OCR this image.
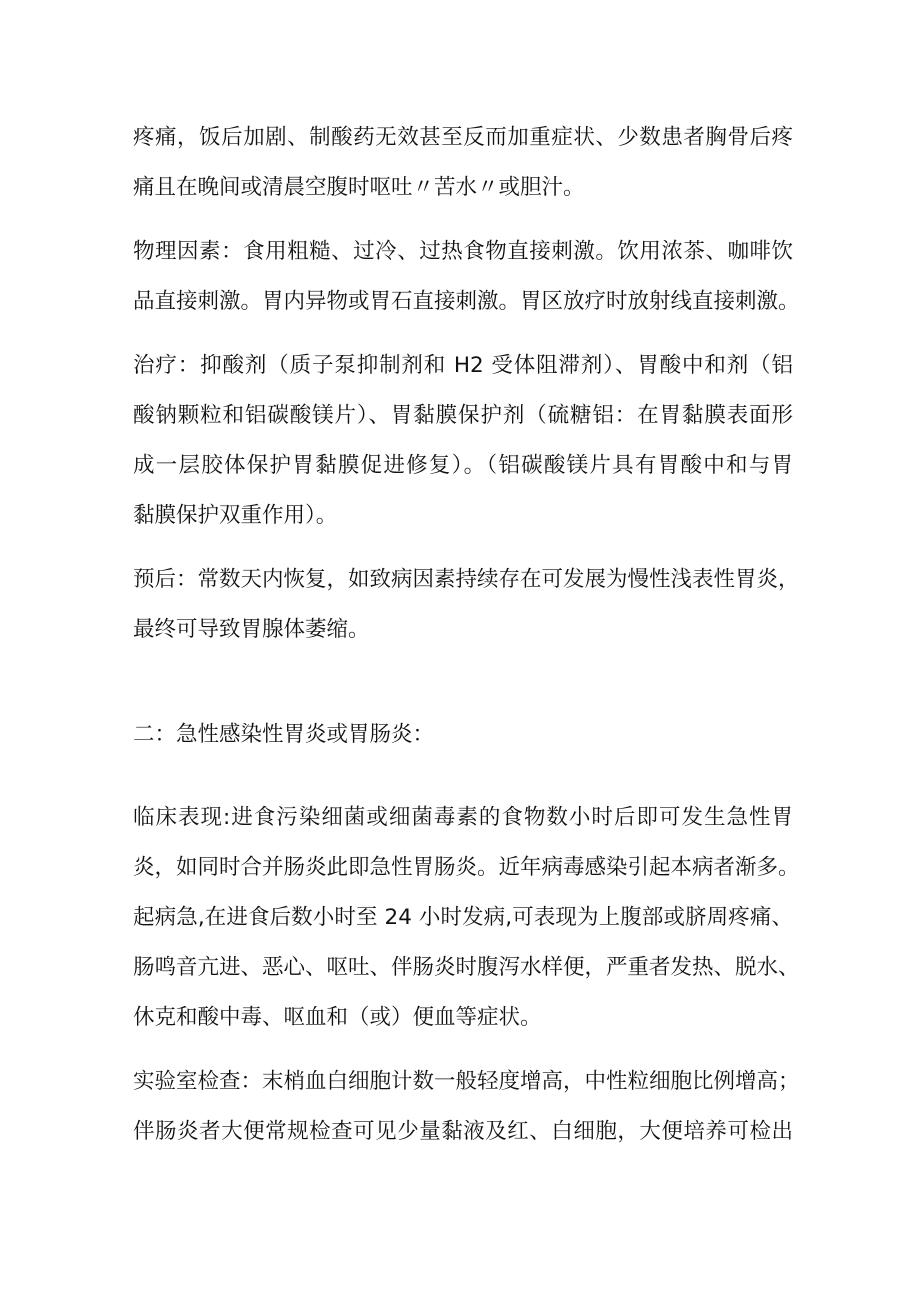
疼痛，饭后加剧、制酸药无效甚至反而加重症状、少数患者胸骨后疼
痛且在晚间或清晨空腹时呕吐〃苦水〃或胆汁。
物理因素：食用粗糙、过冷、过热食物直接刺激。饮用浓茶、咖啡饮
品直接刺激。胃内异物或胃石直接刺激。胃区放疗时放射线直接刺激。
治疗：抑酸剂（质子泵抑制剂和 H2 受体阻滞剂）、胃酸中和剂（铝
酸钠颗粒和铝碳酸镁片）、胃黏膜保护剂（硫糖铝：在胃黏膜表面形
成一层胶体保护胃黏膜促进修复）。（铝碳酸镁片具有胃酸中和与胃
黏膜保护双重作用）。
预后：常数天内恢复，如致病因素持续存在可发展为慢性浅表性胃炎，
最终可导致胃腺体萎缩。
二：急性感染性胃炎或胃肠炎：
临床表现:进食污染细菌或细菌毒素的食物数小时后即可发生急性胃
炎，如同时合并肠炎此即急性胃肠炎。近年病毒感染引起本病者渐多。
起病急,在进食后数小时至 24 小时发病,可表现为上腹部或脐周疼痛、
肠鸣音亢进、恶心、呕吐、伴肠炎时腹泻水样便，严重者发热、脱水、
休克和酸中毒、呕血和（或）便血等症状。
实验室检查：末梢血白细胞计数一般轻度增高，中性粒细胞比例增高；
伴肠炎者大便常规检查可见少量黏液及红、白细胞，大便培养可检出
